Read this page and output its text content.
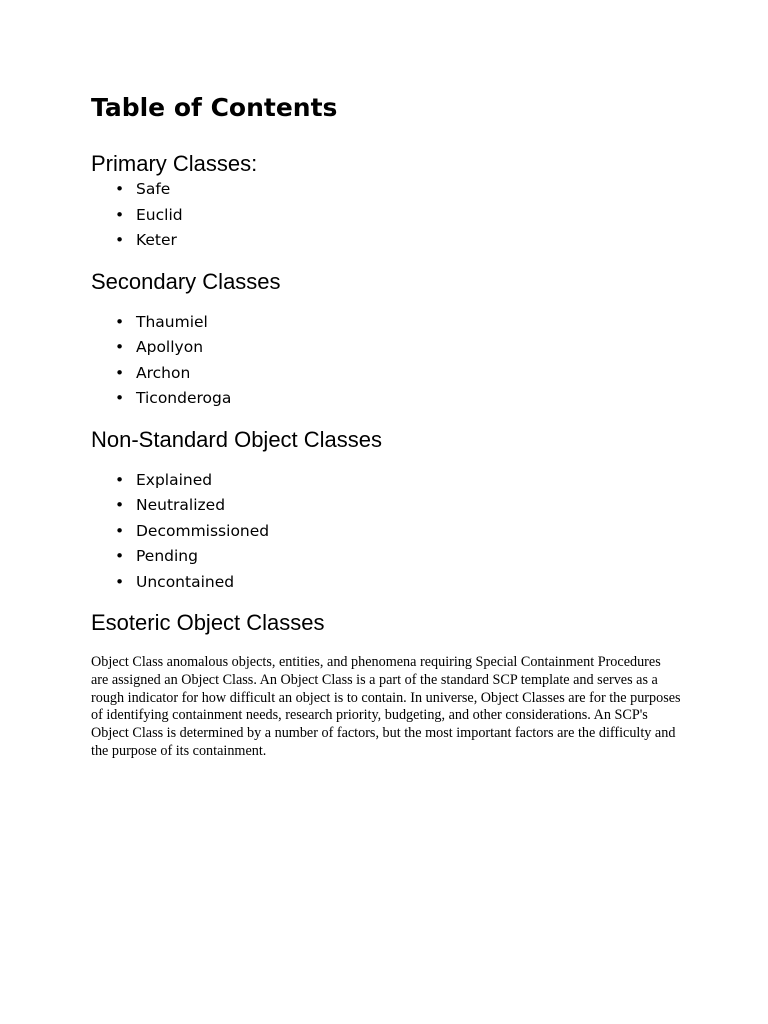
Table of Contents
Primary Classes:
• Safe
• Euclid
• Keter
Secondary Classes
• Thaumiel
• Apollyon
• Archon
• Ticonderoga
Non-Standard Object Classes
• Explained
• Neutralized
• Decommissioned
• Pending
• Uncontained
Esoteric Object Classes

Object Class anomalous objects, entities, and phenomena requiring Special Containment Procedures are assigned an Object Class. An Object Class is a part of the standard SCP template and serves as a rough indicator for how difficult an object is to contain. In universe, Object Classes are for the purposes of identifying containment needs, research priority, budgeting, and other considerations. An SCP's Object Class is determined by a number of factors, but the most important factors are the difficulty and the purpose of its containment.
